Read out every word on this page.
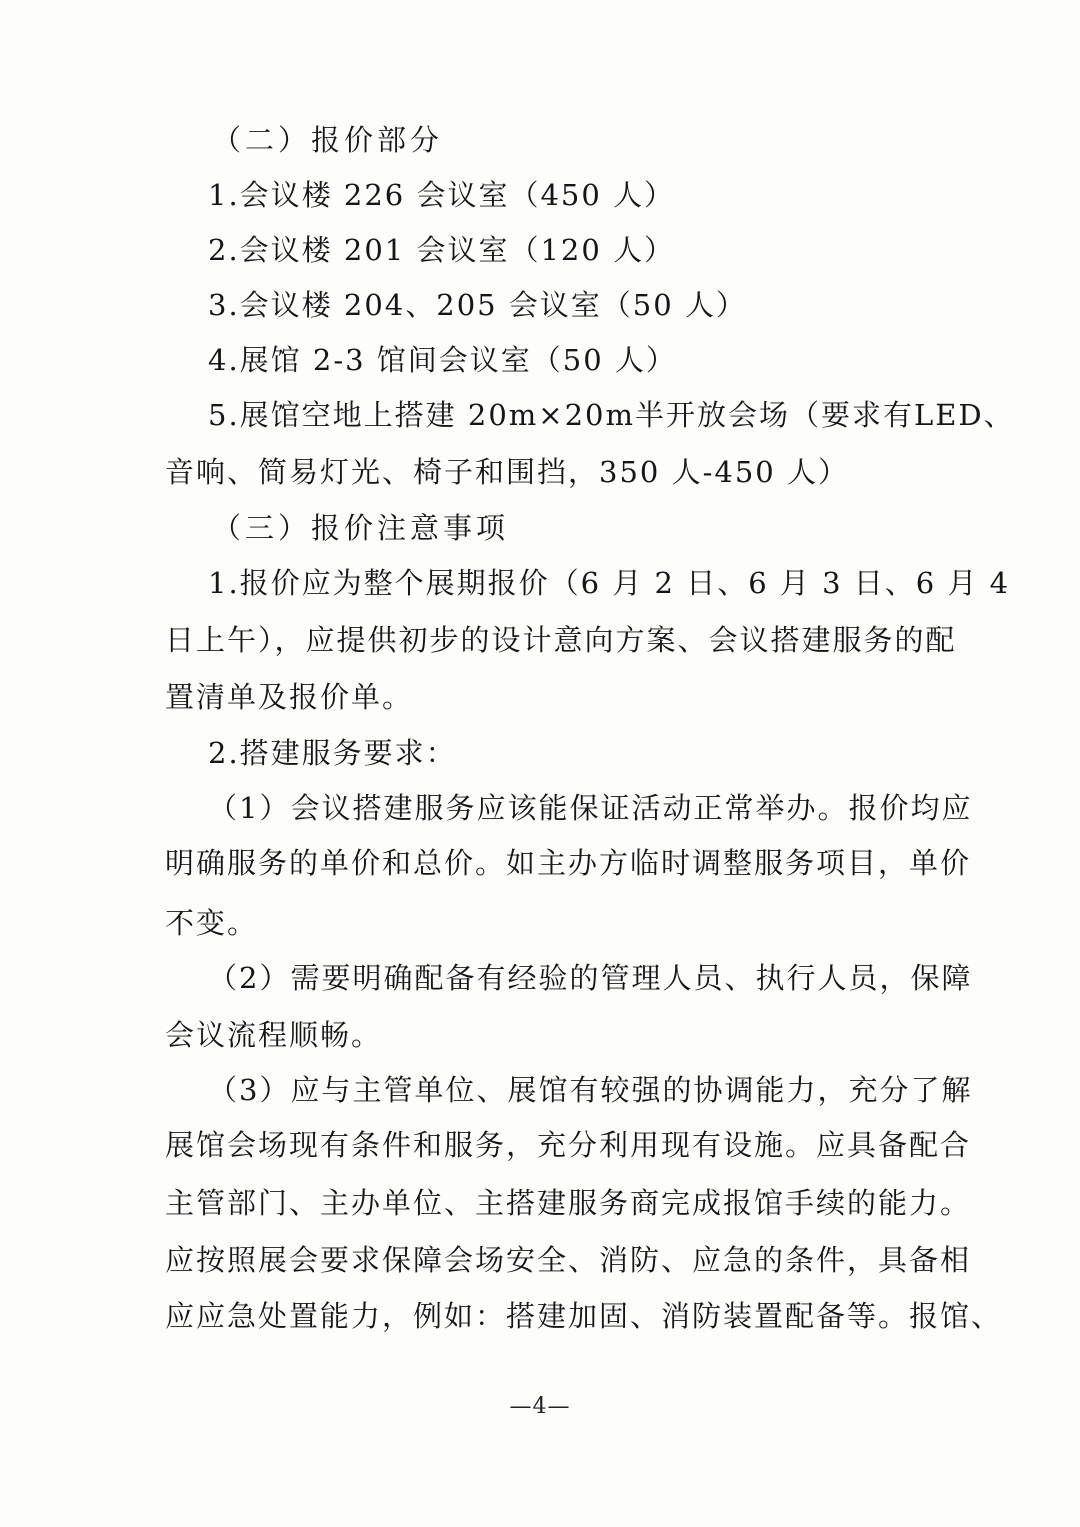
（二）报价部分
1.会议楼 226 会议室（450 人）
2.会议楼 201 会议室（120 人）
3.会议楼 204、205 会议室（50 人）
4.展馆 2-3 馆间会议室（50 人）
5.展馆空地上搭建 20m×20m半开放会场（要求有LED、
音响、简易灯光、椅子和围挡，350 人-450 人）
（三）报价注意事项
1.报价应为整个展期报价（6 月 2 日、6 月 3 日、6 月 4
日上午），应提供初步的设计意向方案、会议搭建服务的配
置清单及报价单。
2.搭建服务要求：
（1）会议搭建服务应该能保证活动正常举办。报价均应
明确服务的单价和总价。如主办方临时调整服务项目，单价
不变。
（2）需要明确配备有经验的管理人员、执行人员，保障
会议流程顺畅。
（3）应与主管单位、展馆有较强的协调能力，充分了解
展馆会场现有条件和服务，充分利用现有设施。应具备配合
主管部门、主办单位、主搭建服务商完成报馆手续的能力。
应按照展会要求保障会场安全、消防、应急的条件，具备相
应应急处置能力，例如：搭建加固、消防装置配备等。报馆、
—4—
